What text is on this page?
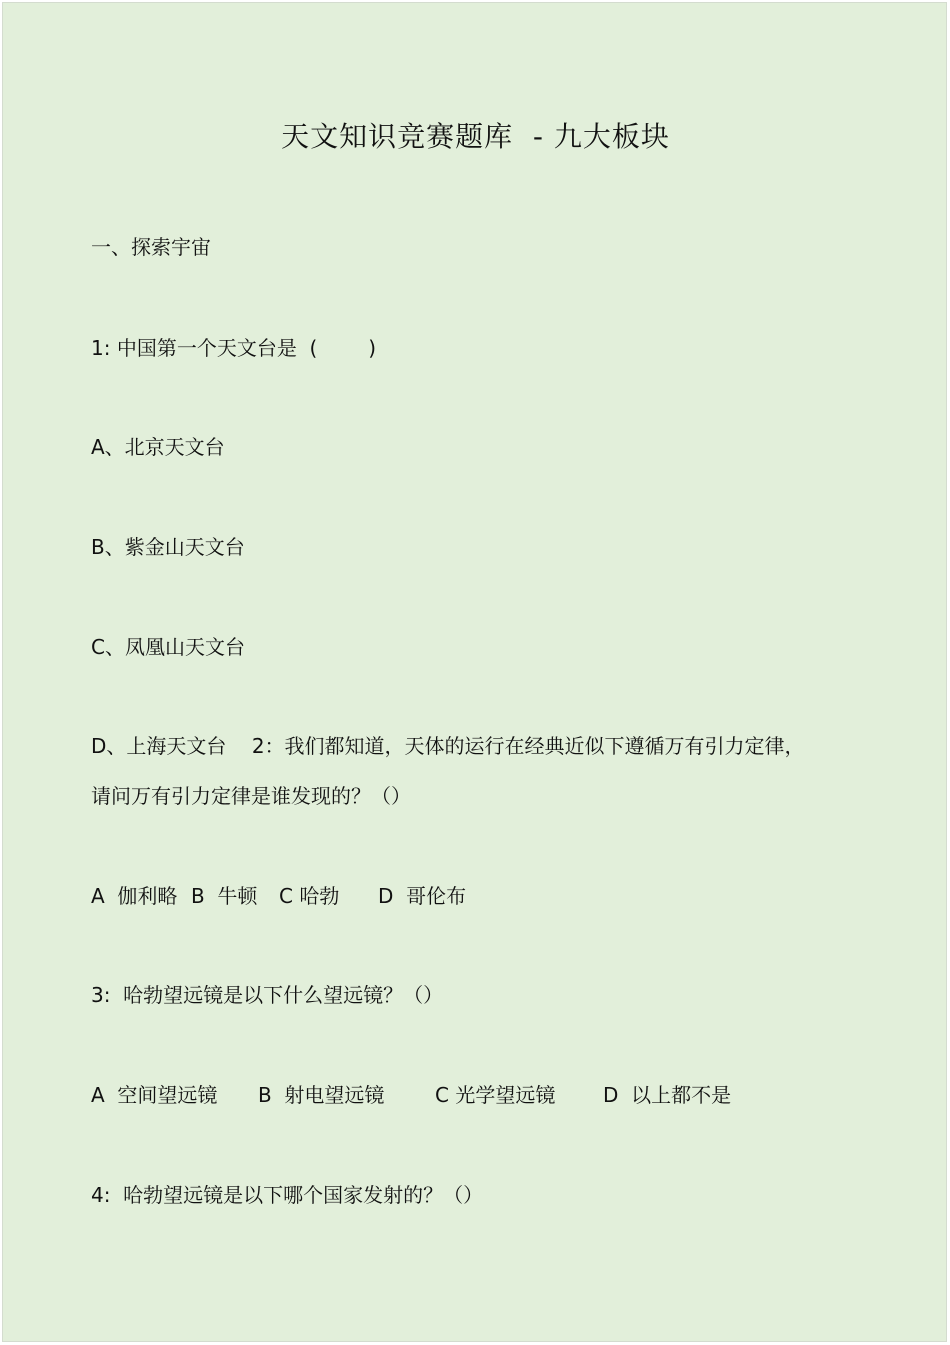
天文知识竞赛题库  - 九大板块
一、探索宇宙
1: 中国第一个天文台是  (        )
A、北京天文台
B、紫金山天文台
C、凤凰山天文台
D、上海天文台    2：我们都知道，天体的运行在经典近似下遵循万有引力定律，
请问万有引力定律是谁发现的？（）
A  伽利略 B  牛顿 C 哈勃 D  哥伦布
3:  哈勃望远镜是以下什么望远镜？（）
A  空间望远镜 B  射电望远镜	C 光学望远镜 D  以上都不是
4:  哈勃望远镜是以下哪个国家发射的？（）
